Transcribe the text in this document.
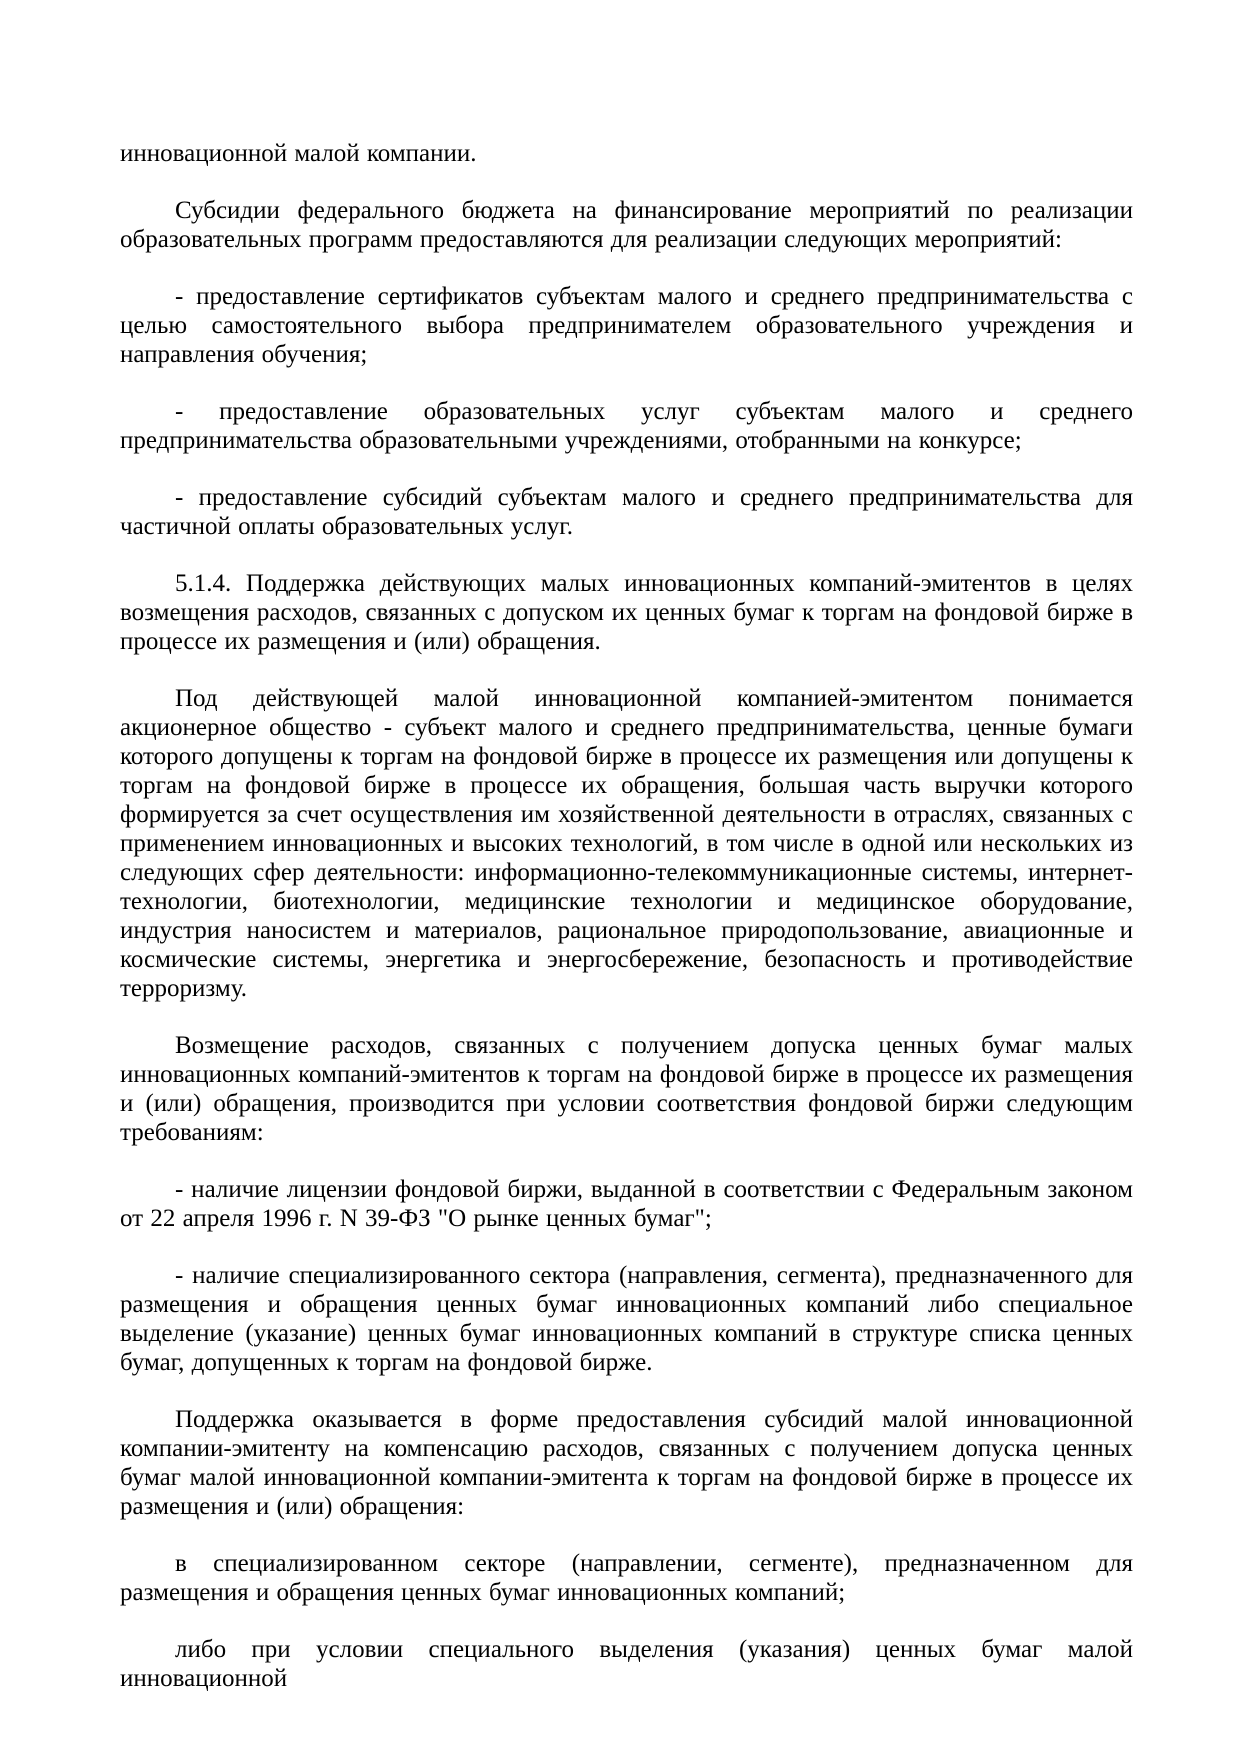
инновационной малой компании.

Субсидии федерального бюджета на финансирование мероприятий по реализации образовательных программ предоставляются для реализации следующих мероприятий:

- предоставление сертификатов субъектам малого и среднего предпринимательства с целью самостоятельного выбора предпринимателем образовательного учреждения и направления обучения;

- предоставление образовательных услуг субъектам малого и среднего предпринимательства образовательными учреждениями, отобранными на конкурсе;

- предоставление субсидий субъектам малого и среднего предпринимательства для частичной оплаты образовательных услуг.

5.1.4. Поддержка действующих малых инновационных компаний-эмитентов в целях возмещения расходов, связанных с допуском их ценных бумаг к торгам на фондовой бирже в процессе их размещения и (или) обращения.

Под действующей малой инновационной компанией-эмитентом понимается акционерное общество - субъект малого и среднего предпринимательства, ценные бумаги которого допущены к торгам на фондовой бирже в процессе их размещения или допущены к торгам на фондовой бирже в процессе их обращения, большая часть выручки которого формируется за счет осуществления им хозяйственной деятельности в отраслях, связанных с применением инновационных и высоких технологий, в том числе в одной или нескольких из следующих сфер деятельности: информационно-телекоммуникационные системы, интернет-технологии, биотехнологии, медицинские технологии и медицинское оборудование, индустрия наносистем и материалов, рациональное природопользование, авиационные и космические системы, энергетика и энергосбережение, безопасность и противодействие терроризму.

Возмещение расходов, связанных с получением допуска ценных бумаг малых инновационных компаний-эмитентов к торгам на фондовой бирже в процессе их размещения и (или) обращения, производится при условии соответствия фондовой биржи следующим требованиям:

- наличие лицензии фондовой биржи, выданной в соответствии с Федеральным законом от 22 апреля 1996 г. N 39-ФЗ "О рынке ценных бумаг";

- наличие специализированного сектора (направления, сегмента), предназначенного для размещения и обращения ценных бумаг инновационных компаний либо специальное выделение (указание) ценных бумаг инновационных компаний в структуре списка ценных бумаг, допущенных к торгам на фондовой бирже.

Поддержка оказывается в форме предоставления субсидий малой инновационной компании-эмитенту на компенсацию расходов, связанных с получением допуска ценных бумаг малой инновационной компании-эмитента к торгам на фондовой бирже в процессе их размещения и (или) обращения:

в специализированном секторе (направлении, сегменте), предназначенном для размещения и обращения ценных бумаг инновационных компаний;

либо при условии специального выделения (указания) ценных бумаг малой инновационной
